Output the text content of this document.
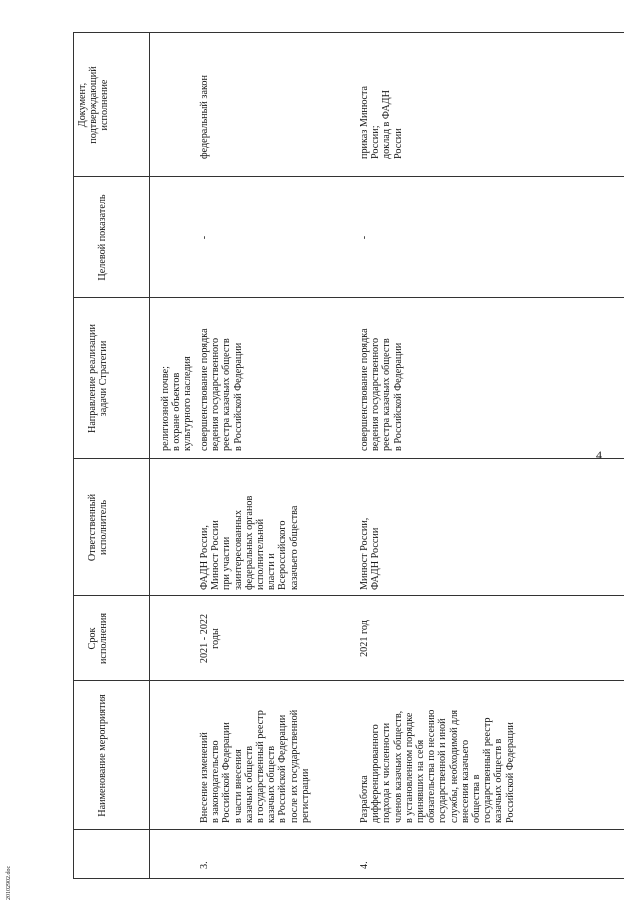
4
20102902.doc
Наименование мероприятия
Срок
исполнения
Ответственный
исполнитель
Направление реализации
задачи Стратегии
Целевой показатель
Документ,
подтверждающий
исполнение
религиозной почве;
в охране объектов
культурного наследия
3.
Внесение изменений
в законодательство
Российской Федерации
в части внесения
казачьих обществ
в государственный реестр
казачьих обществ
в Российской Федерации
после их государственной
регистрации
2021 - 2022
годы
ФАДН России,
Минюст России
при участии
заинтересованных
федеральных органов
исполнительной
власти и
Всероссийского
казачьего общества
совершенствование порядка
ведения государственного
реестра казачьих обществ
в Российской Федерации
-
федеральный закон
4.
Разработка
дифференцированного
подхода к численности
членов казачьих обществ,
в установленном порядке
принявших на себя
обязательства по несению
государственной и иной
службы, необходимой для
внесения казачьего
общества в
государственный реестр
казачьих обществ в
Российской Федерации
2021 год
Минюст России,
ФАДН России
совершенствование порядка
ведения государственного
реестра казачьих обществ
в Российской Федерации
-
приказ Минюста
России;
доклад в ФАДН
России
